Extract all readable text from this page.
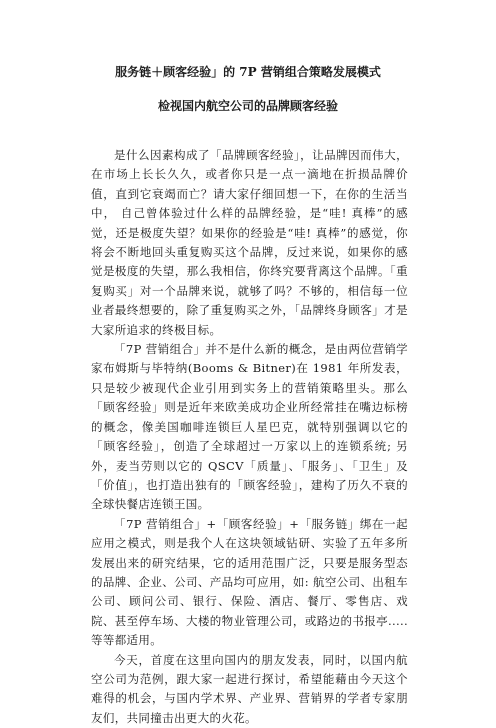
服务链＋顾客经验」的 7P 营销组合策略发展模式
检视国内航空公司的品牌顾客经验

是什么因素构成了「品牌顾客经验」，让品牌因而伟大，在市场上长长久久，或者你只是一点一滴地在折损品牌价值，直到它衰竭而亡？请大家仔细回想一下，在你的生活当中， 自己曾体验过什么样的品牌经验，是“哇! 真棒”的感觉，还是极度失望？如果你的经验是“哇! 真棒”的感觉，你将会不断地回头重复购买这个品牌，反过来说，如果你的感觉是极度的失望，那么我相信，你终究要背离这个品牌。｢重复购买」对一个品牌来说，就够了吗？不够的，相信每一位业者最终想要的，除了重复购买之外，｢品牌终身顾客」才是大家所追求的终极目标。

「7P 营销组合」并不是什么新的概念，是由两位营销学家布姆斯与毕特纳(Booms & Bitner)在 1981 年所发表，只是较少被现代企业引用到实务上的营销策略里头。那么「顾客经验」则是近年来欧美成功企业所经常挂在嘴边标榜的概念，像美国咖啡连锁巨人星巴克，就特别强调以它的「顾客经验」，创造了全球超过一万家以上的连锁系统; 另外，麦当劳则以它的 QSCV「质量」、｢服务」、｢卫生」及「价值」，也打造出独有的「顾客经验」，建构了历久不衰的全球快餐店连锁王国。

「7P 营销组合」+「顾客经验」+「服务链」绑在一起应用之模式，则是我个人在这块领域钻研、实验了五年多所发展出来的研究结果，它的适用范围广泛，只要是服务型态的品牌、企业、公司、产品均可应用，如: 航空公司、出租车公司、顾问公司、银行、保险、酒店、餐厅、零售店、戏院、甚至停车场、大楼的物业管理公司，或路边的书报亭.....等等都适用。

今天，首度在这里向国内的朋友发表，同时，以国内航空公司为范例，跟大家一起进行探讨，希望能藉由今天这个难得的机会，与国内学术界、产业界、营销界的学者专家朋友们，共同撞击出更大的火花。
